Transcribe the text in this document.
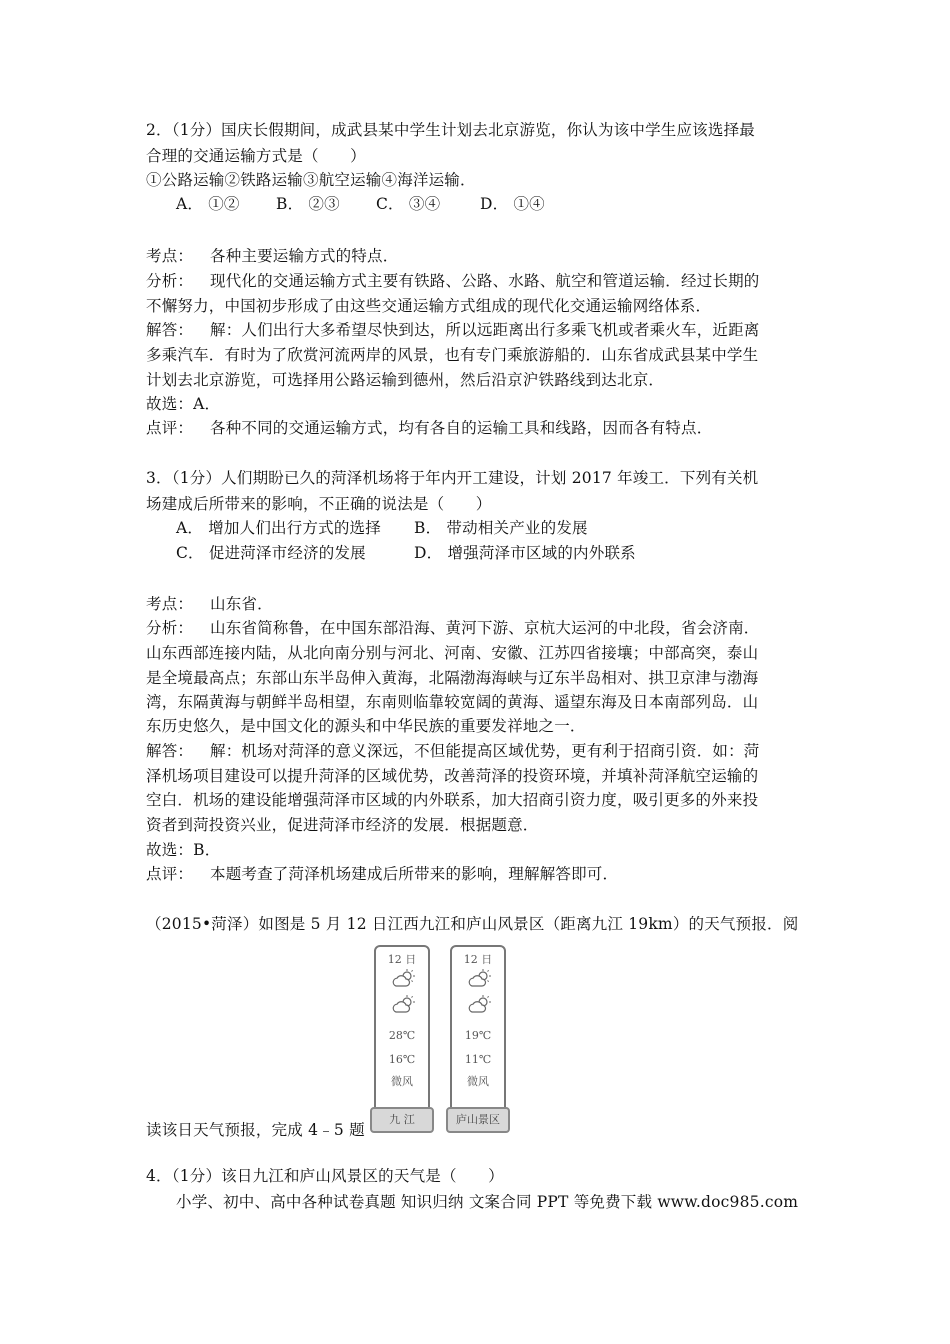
2．（1分）国庆长假期间，成武县某中学生计划去北京游览，你认为该中学生应该选择最
合理的交通运输方式是（　　）
①公路运输②铁路运输③航空运输④海洋运输．
A． ①② B． ②③ C． ③④	D． ①④
考点： 各种主要运输方式的特点．
分析： 现代化的交通运输方式主要有铁路、公路、水路、航空和管道运输．经过长期的
不懈努力，中国初步形成了由这些交通运输方式组成的现代化交通运输网络体系．
解答： 解：人们出行大多希望尽快到达，所以远距离出行多乘飞机或者乘火车，近距离
多乘汽车．有时为了欣赏河流两岸的风景，也有专门乘旅游船的．山东省成武县某中学生
计划去北京游览，可选择用公路运输到德州，然后沿京沪铁路线到达北京．
故选：A．
点评： 各种不同的交通运输方式，均有各自的运输工具和线路，因而各有特点．
3．（1分）人们期盼已久的菏泽机场将于年内开工建设，计划 2017 年竣工．下列有关机
场建成后所带来的影响，不正确的说法是（　　）
A． 增加人们出行方式的选择 B． 带动相关产业的发展
C． 促进菏泽市经济的发展	D． 增强菏泽市区域的内外联系
考点： 山东省．
分析： 山东省简称鲁，在中国东部沿海、黄河下游、京杭大运河的中北段，省会济南．
山东西部连接内陆，从北向南分别与河北、河南、安徽、江苏四省接壤；中部高突，泰山
是全境最高点；东部山东半岛伸入黄海，北隔渤海海峡与辽东半岛相对、拱卫京津与渤海
湾，东隔黄海与朝鲜半岛相望，东南则临靠较宽阔的黄海、遥望东海及日本南部列岛．山
东历史悠久，是中国文化的源头和中华民族的重要发祥地之一．
解答： 解：机场对菏泽的意义深远，不但能提高区域优势，更有利于招商引资．如：菏
泽机场项目建设可以提升菏泽的区域优势，改善菏泽的投资环境，并填补菏泽航空运输的
空白．机场的建设能增强菏泽市区域的内外联系，加大招商引资力度，吸引更多的外来投
资者到菏投资兴业，促进菏泽市经济的发展．根据题意．
故选：B．
点评： 本题考查了菏泽机场建成后所带来的影响，理解解答即可．
（2015•菏泽）如图是 5 月 12 日江西九江和庐山风景区（距离九江 19km）的天气预报．阅
12 日
28℃
16℃
微风
九 江
12 日
19℃
11℃
微风
庐山景区
读该日天气预报，完成 4﹣5 题
4．（1分）该日九江和庐山风景区的天气是（　　）
小学、初中、高中各种试卷真题 知识归纳 文案合同 PPT 等免费下载 www.doc985.com
